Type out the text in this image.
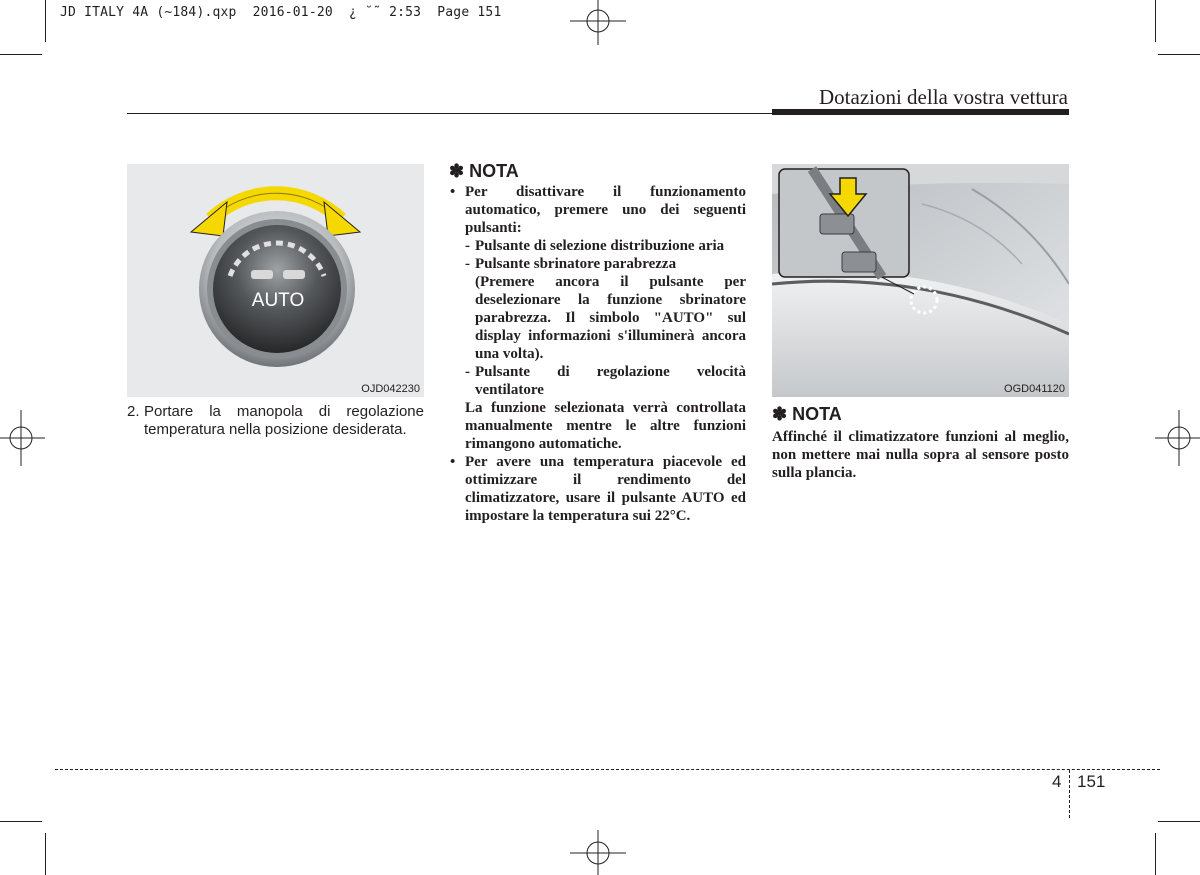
JD ITALY 4A (~184).qxp  2016-01-20  ¿ ˘˜ 2:53  Page 151
Dotazioni della vostra vettura
AUTO
OJD042230
2. Portare la manopola di regolazione temperatura nella posizione desiderata.
✽ NOTA

• Per disattivare il funzionamento automatico, premere uno dei seguenti pulsanti:

- Pulsante di selezione distribuzione aria

- Pulsante sbrinatore parabrezza

(Premere ancora il pulsante per deselezionare la funzione sbrinatore parabrezza. Il simbolo "AUTO" sul display informazioni s'illuminerà ancora una volta).

- Pulsante di regolazione velocità ventilatore

La funzione selezionata verrà controllata manualmente mentre le altre funzioni rimangono automatiche.

• Per avere una temperatura piacevole ed ottimizzare il rendimento del climatizzatore, usare il pulsante AUTO ed impostare la temperatura sui 22°C.

OGD041120
✽ NOTA
Affinché il climatizzatore funzioni al meglio, non mettere mai nulla sopra al sensore posto sulla plancia.
4 151
